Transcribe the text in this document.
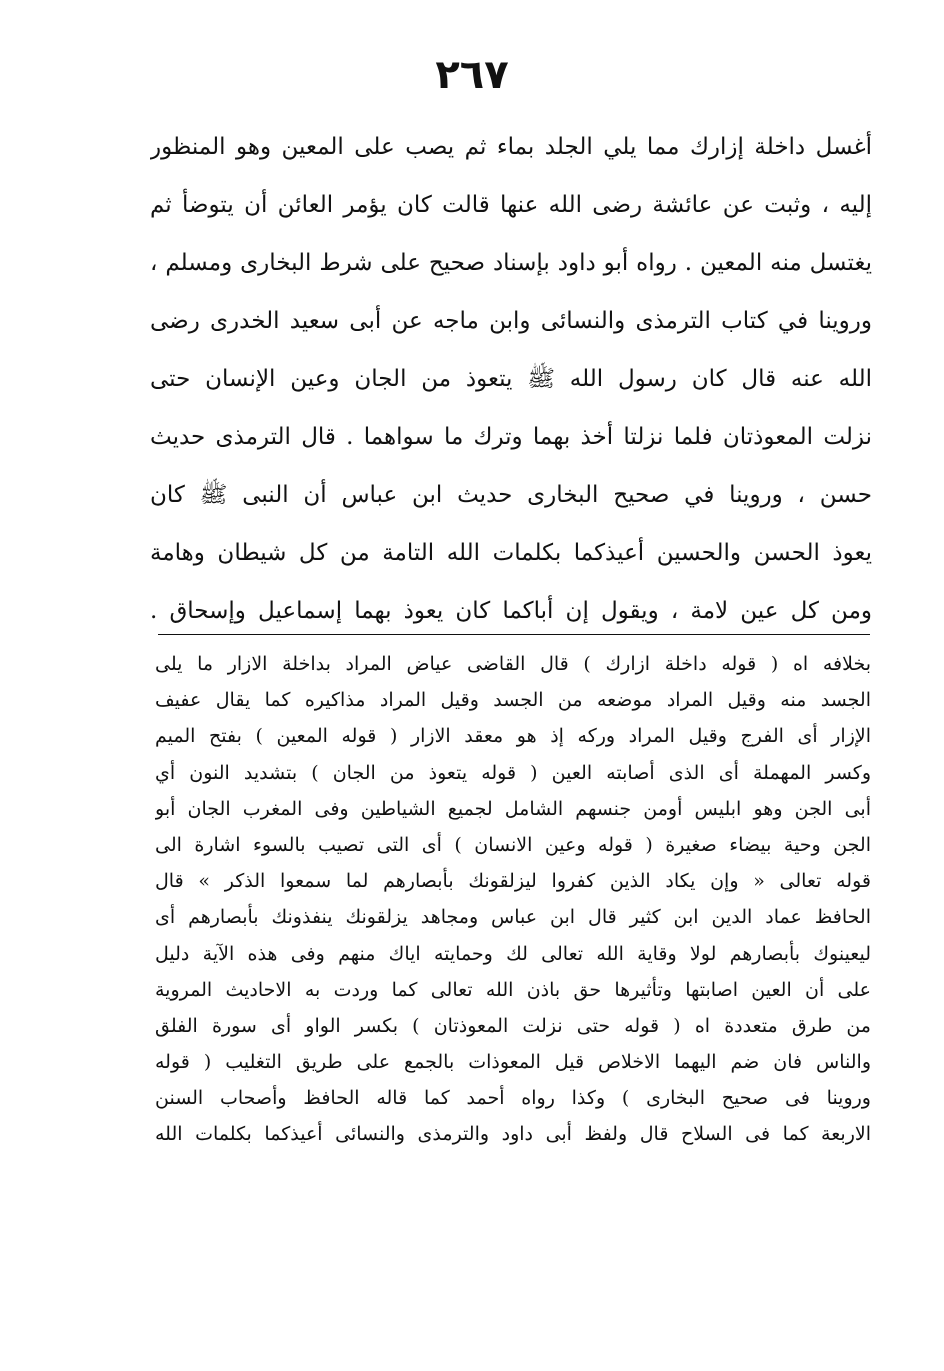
٢٦٧
أغسل داخلة إزارك مما يلي الجلد بماء ثم يصب على المعين وهو المنظور
إليه ، وثبت عن عائشة رضى الله عنها قالت كان يؤمر العائن أن يتوضأ ثم
يغتسل منه المعين . رواه أبو داود بإسناد صحيح على شرط البخارى ومسلم ،
وروينا في كتاب الترمذى والنسائى وابن ماجه عن أبى سعيد الخدرى رضى
الله عنه قال كان رسول الله ﷺ يتعوذ من الجان وعين الإنسان حتى
نزلت المعوذتان فلما نزلتا أخذ بهما وترك ما سواهما . قال الترمذى حديث
حسن ، وروينا في صحيح البخارى حديث ابن عباس أن النبى ﷺ كان
يعوذ الحسن والحسين أعيذكما بكلمات الله التامة من كل شيطان وهامة
ومن كل عين لامة ، ويقول إن أباكما كان يعوذ بهما إسماعيل وإسحاق .
بخلافه اه ( قوله داخلة ازارك ) قال القاضى عياض المراد بداخلة الازار ما يلى
الجسد منه وقيل المراد موضعه من الجسد وقيل المراد مذاكيره كما يقال عفيف
الإزار أى الفرج وقيل المراد وركه إذ هو معقد الازار ( قوله المعين ) بفتح الميم
وكسر المهملة أى الذى أصابته العين ( قوله يتعوذ من الجان ) بتشديد النون أي
أبى الجن وهو ابليس أومن جنسهم الشامل لجميع الشياطين وفى المغرب الجان أبو
الجن وحية بيضاء صغيرة ( قوله وعين الانسان ) أى التى تصيب بالسوء اشارة الى
قوله تعالى « وإن يكاد الذين كفروا ليزلقونك بأبصارهم لما سمعوا الذكر » قال
الحافظ عماد الدين ابن كثير قال ابن عباس ومجاهد يزلقونك ينفذونك بأبصارهم أى
ليعينوك بأبصارهم لولا وقاية الله تعالى لك وحمايته اياك منهم وفى هذه الآية دليل
على أن العين اصابتها وتأثيرها حق باذن الله تعالى كما وردت به الاحاديث المروية
من طرق متعددة اه ( قوله حتى نزلت المعوذتان ) بكسر الواو أى سورة الفلق
والناس فان ضم اليهما الاخلاص قيل المعوذات بالجمع على طريق التغليب ( قوله
وروينا فى صحيح البخارى ) وكذا رواه أحمد كما قاله الحافظ وأصحاب السنن
الاربعة كما فى السلاح قال ولفظ أبى داود والترمذى والنسائى أعيذكما بكلمات الله
